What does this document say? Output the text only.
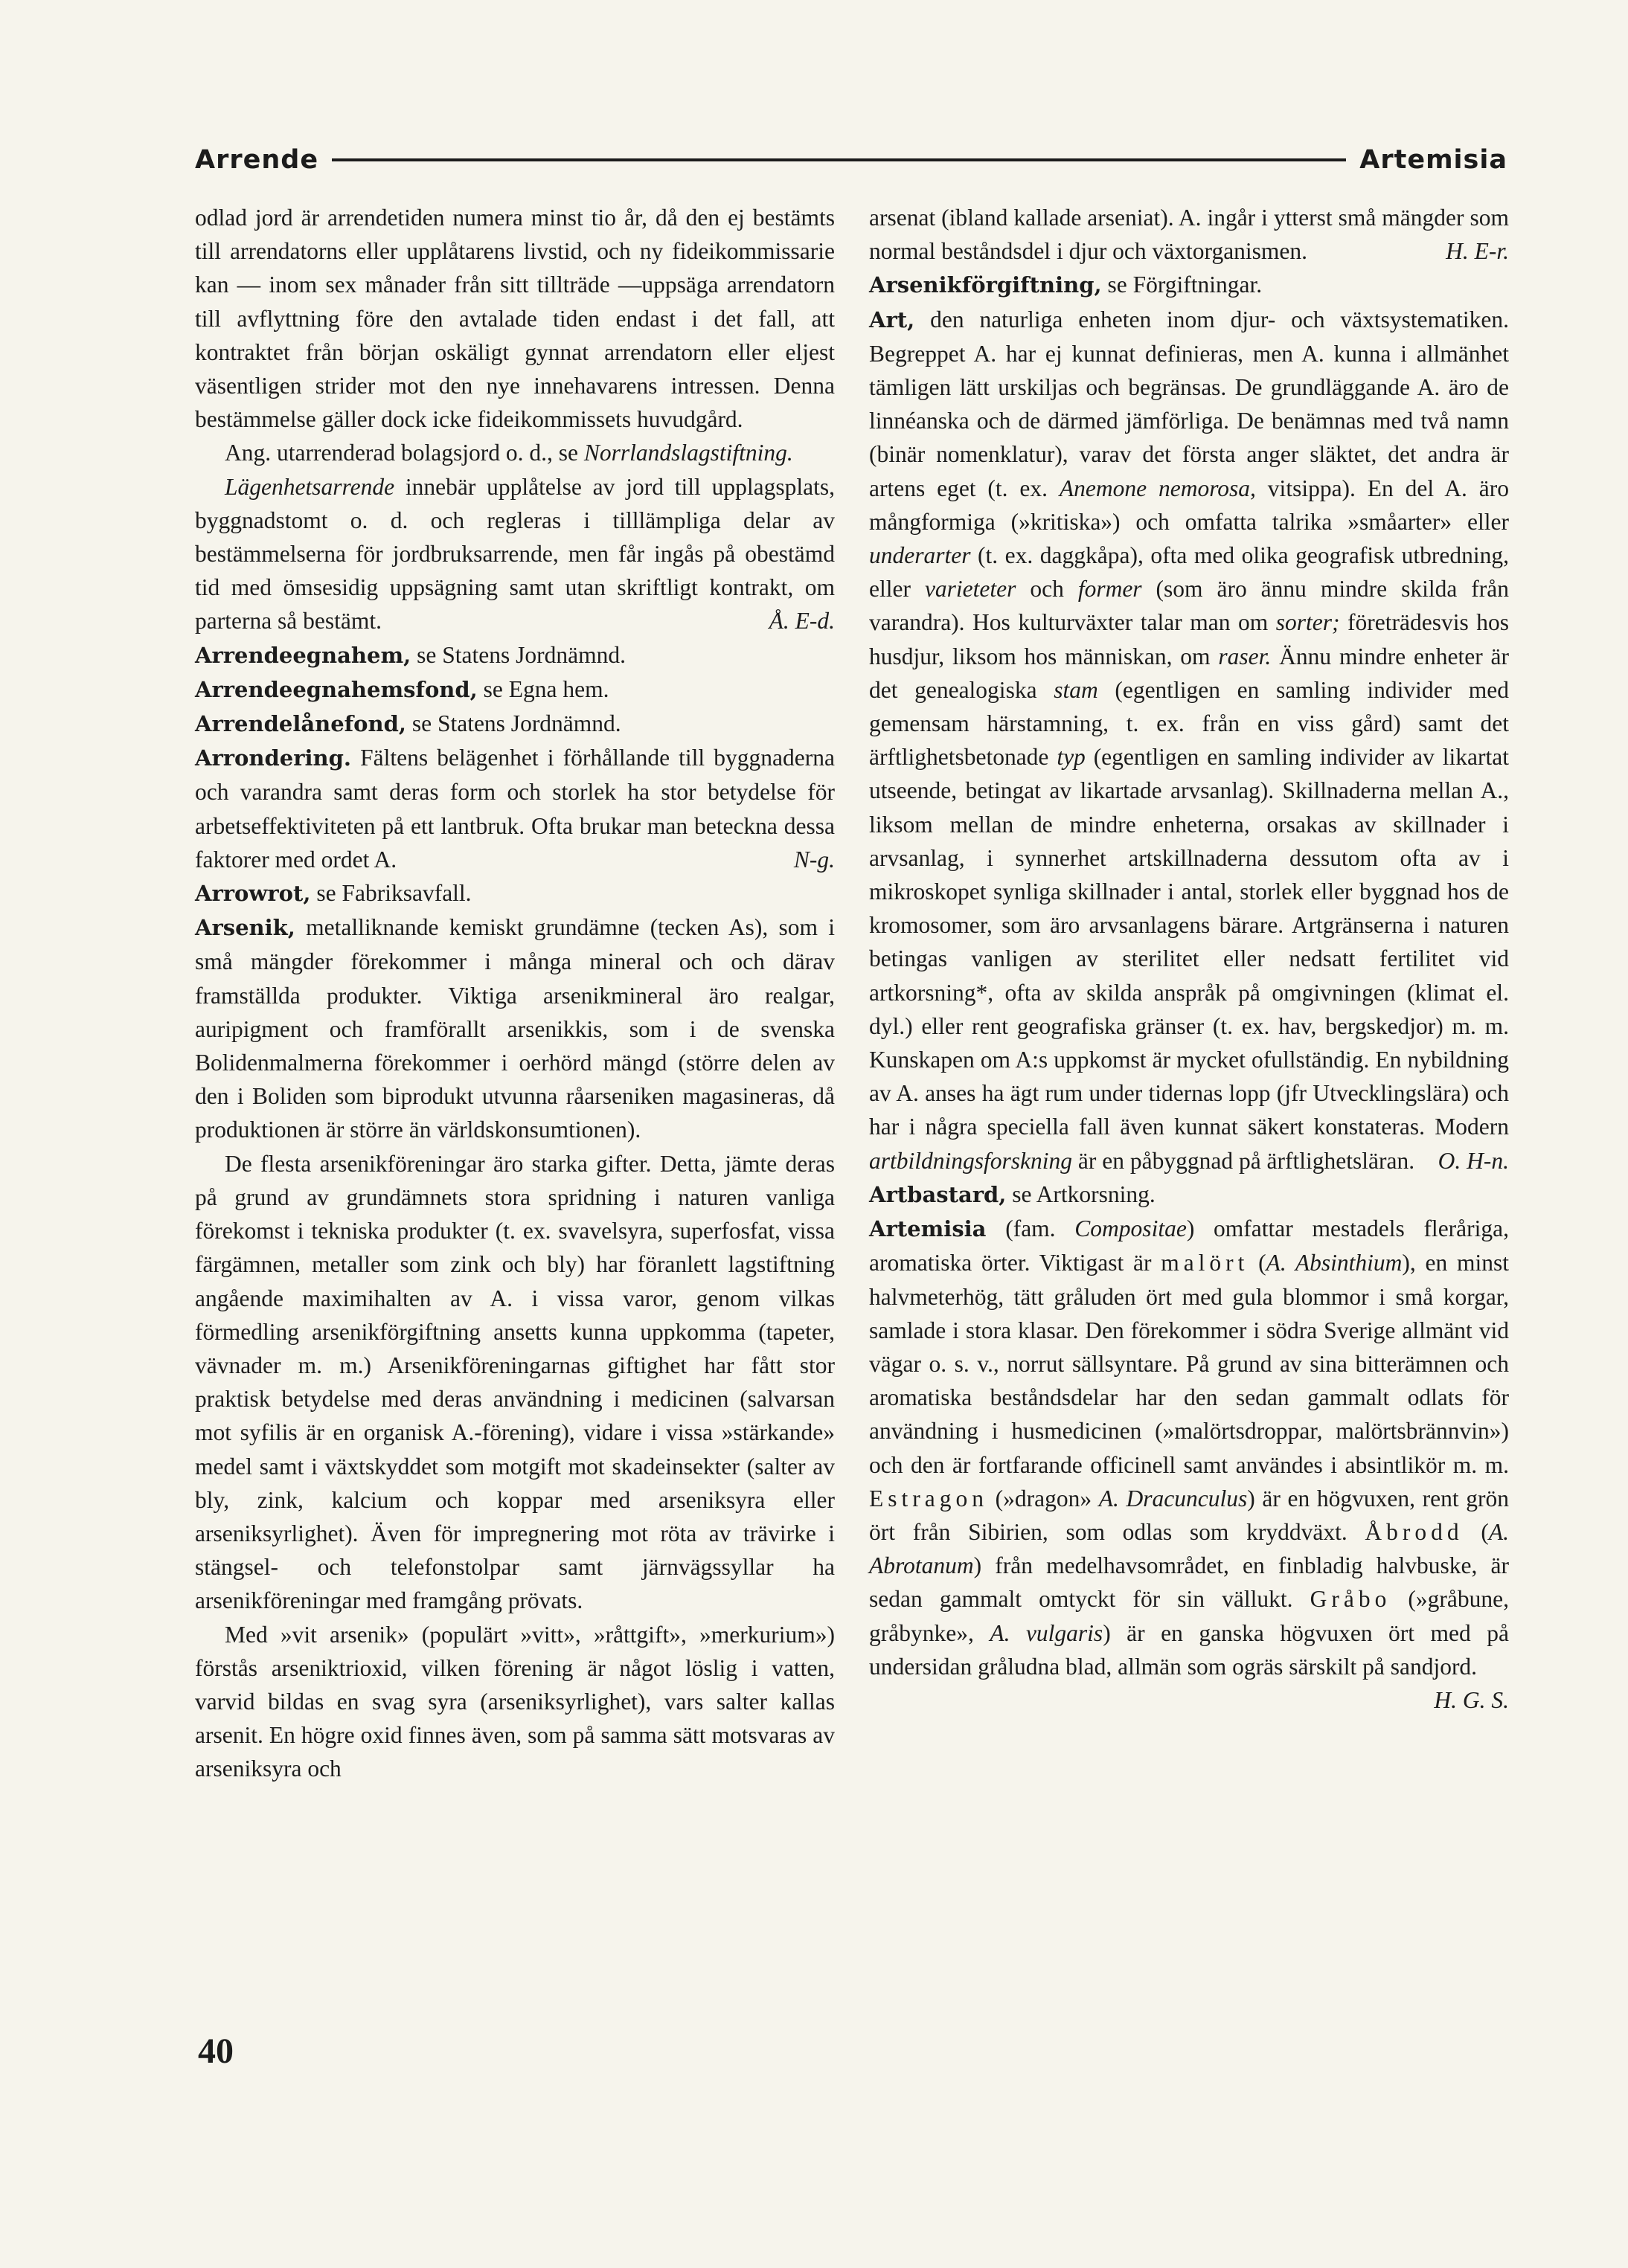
Arrende	Artemisia

odlad jord är arrendetiden numera minst tio år, då den ej bestämts till arrendatorns eller upplåtarens livstid, och ny fideikommissarie kan — inom sex månader från sitt tillträde —uppsäga arrendatorn till avflyttning före den avtalade tiden endast i det fall, att kontraktet från början oskäligt gynnat arrendatorn eller eljest väsentligen strider mot den nye innehavarens intressen. Denna bestämmelse gäller dock icke fideikommissets huvudgård.

Ang. utarrenderad bolagsjord o. d., se Norrlandslagstiftning.

Lägenhetsarrende innebär upplåtelse av jord till upplagsplats, byggnadstomt o. d. och regleras i tilllämpliga delar av bestämmelserna för jordbruksarrende, men får ingås på obestämd tid med ömsesidig uppsägning samt utan skriftligt kontrakt, om parterna så bestämt.	Å. E-d.

Arrendeegnahem, se Statens Jordnämnd.

Arrendeegnahemsfond, se Egna hem.

Arrendelånefond, se Statens Jordnämnd.

Arrondering. Fältens belägenhet i förhållande till byggnaderna och varandra samt deras form och storlek ha stor betydelse för arbetseffektiviteten på ett lantbruk. Ofta brukar man beteckna dessa faktorer med ordet A.	N-g.

Arrowrot, se Fabriksavfall.

Arsenik, metalliknande kemiskt grundämne (tecken As), som i små mängder förekommer i många mineral och och därav framställda produkter. Viktiga arsenikmineral äro realgar, auripigment och framförallt arsenikkis, som i de svenska Bolidenmalmerna förekommer i oerhörd mängd (större delen av den i Boliden som biprodukt utvunna råarseniken magasineras, då produktionen är större än världskonsumtionen).

De flesta arsenikföreningar äro starka gifter. Detta, jämte deras på grund av grundämnets stora spridning i naturen vanliga förekomst i tekniska produkter (t. ex. svavelsyra, superfosfat, vissa färgämnen, metaller som zink och bly) har föranlett lagstiftning angående maximihalten av A. i vissa varor, genom vilkas förmedling arsenikförgiftning ansetts kunna uppkomma (tapeter, vävnader m. m.) Arsenikföreningarnas giftighet har fått stor praktisk betydelse med deras användning i medicinen (salvarsan mot syfilis är en organisk A.-förening), vidare i vissa »stärkande» medel samt i växtskyddet som motgift mot skadeinsekter (salter av bly, zink, kalcium och koppar med arseniksyra eller arseniksyrlighet). Även för impregnering mot röta av trävirke i stängsel- och telefonstolpar samt järnvägssyllar ha arsenikföreningar med framgång prövats.

Med »vit arsenik» (populärt »vitt», »råttgift», »merkurium») förstås arseniktrioxid, vilken förening är något löslig i vatten, varvid bildas en svag syra (arseniksyrlighet), vars salter kallas arsenit. En högre oxid finnes även, som på samma sätt motsvaras av arseniksyra och

arsenat (ibland kallade arseniat). A. ingår i ytterst små mängder som normal beståndsdel i djur och växtorganismen.	H. E-r.

Arsenikförgiftning, se Förgiftningar.

Art, den naturliga enheten inom djur- och växtsystematiken. Begreppet A. har ej kunnat definieras, men A. kunna i allmänhet tämligen lätt urskiljas och begränsas. De grundläggande A. äro de linnéanska och de därmed jämförliga. De benämnas med två namn (binär nomenklatur), varav det första anger släktet, det andra är artens eget (t. ex. Anemone nemorosa, vitsippa). En del A. äro mångformiga (»kritiska») och omfatta talrika »småarter» eller underarter (t. ex. daggkåpa), ofta med olika geografisk utbredning, eller varieteter och former (som äro ännu mindre skilda från varandra). Hos kulturväxter talar man om sorter; företrädesvis hos husdjur, liksom hos människan, om raser. Ännu mindre enheter är det genealogiska stam (egentligen en samling individer med gemensam härstamning, t. ex. från en viss gård) samt det ärftlighetsbetonade typ (egentligen en samling individer av likartat utseende, betingat av likartade arvsanlag). Skillnaderna mellan A., liksom mellan de mindre enheterna, orsakas av skillnader i arvsanlag, i synnerhet artskillnaderna dessutom ofta av i mikroskopet synliga skillnader i antal, storlek eller byggnad hos de kromosomer, som äro arvsanlagens bärare. Artgränserna i naturen betingas vanligen av sterilitet eller nedsatt fertilitet vid artkorsning*, ofta av skilda anspråk på omgivningen (klimat el. dyl.) eller rent geografiska gränser (t. ex. hav, bergskedjor) m. m. Kunskapen om A:s uppkomst är mycket ofullständig. En nybildning av A. anses ha ägt rum under tidernas lopp (jfr Utvecklingslära) och har i några speciella fall även kunnat säkert konstateras. Modern artbildningsforskning är en påbyggnad på ärftlighetsläran. O. H-n.

Artbastard, se Artkorsning.

Artemisia (fam. Compositae) omfattar mestadels fleråriga, aromatiska örter. Viktigast är malört (A. Absinthium), en minst halvmeterhög, tätt gråluden ört med gula blommor i små korgar, samlade i stora klasar. Den förekommer i södra Sverige allmänt vid vägar o. s. v., norrut sällsyntare. På grund av sina bitterämnen och aromatiska beståndsdelar har den sedan gammalt odlats för användning i husmedicinen (»malörtsdroppar, malörtsbrännvin») och den är fortfarande officinell samt användes i absintlikör m. m. Estragon (»dragon» A. Dracunculus) är en högvuxen, rent grön ört från Sibirien, som odlas som kryddväxt. Åbrodd (A. Abrotanum) från medelhavsområdet, en finbladig halvbuske, är sedan gammalt omtyckt för sin vällukt. Gråbo (»gråbune, gråbynke», A. vulgaris) är en ganska högvuxen ört med på undersidan gråludna blad, allmän som ogräs särskilt på sandjord.
H. G. S.

40
